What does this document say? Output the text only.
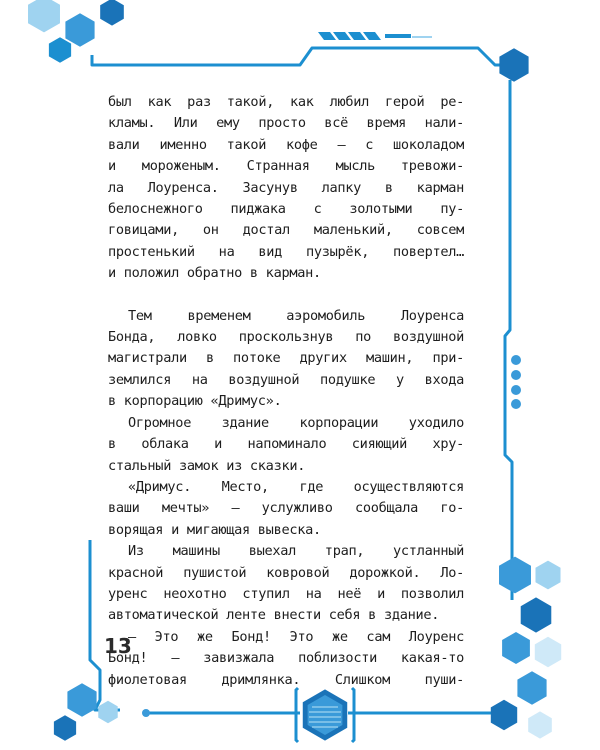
был как раз такой, как любил герой ре-
кламы. Или ему просто всё время нали-
вали именно такой кофе — с шоколадом
и мороженым. Странная мысль тревожи-
ла Лоуренса. Засунув лапку в карман
белоснежного пиджака с золотыми пу-
говицами, он достал маленький, совсем
простенький на вид пузырёк, повертел…
и положил обратно в карман.

Тем временем аэромобиль Лоуренса
Бонда, ловко проскользнув по воздушной
магистрали в потоке других машин, при-
землился на воздушной подушке у входа
в корпорацию «Дримус».

Огромное здание корпорации уходило
в облака и напоминало сияющий хру-
стальный замок из сказки.

«Дримус. Место, где осуществляются
ваши мечты» — услужливо сообщала го-
ворящая и мигающая вывеска.

Из машины выехал трап, устланный
красной пушистой ковровой дорожкой. Ло-
уренс неохотно ступил на неё и позволил
автоматической ленте внести себя в здание.

— Это же Бонд! Это же сам Лоуренс
Бонд! — завизжала поблизости какая-то
фиолетовая дримлянка. Слишком пуши-

13
